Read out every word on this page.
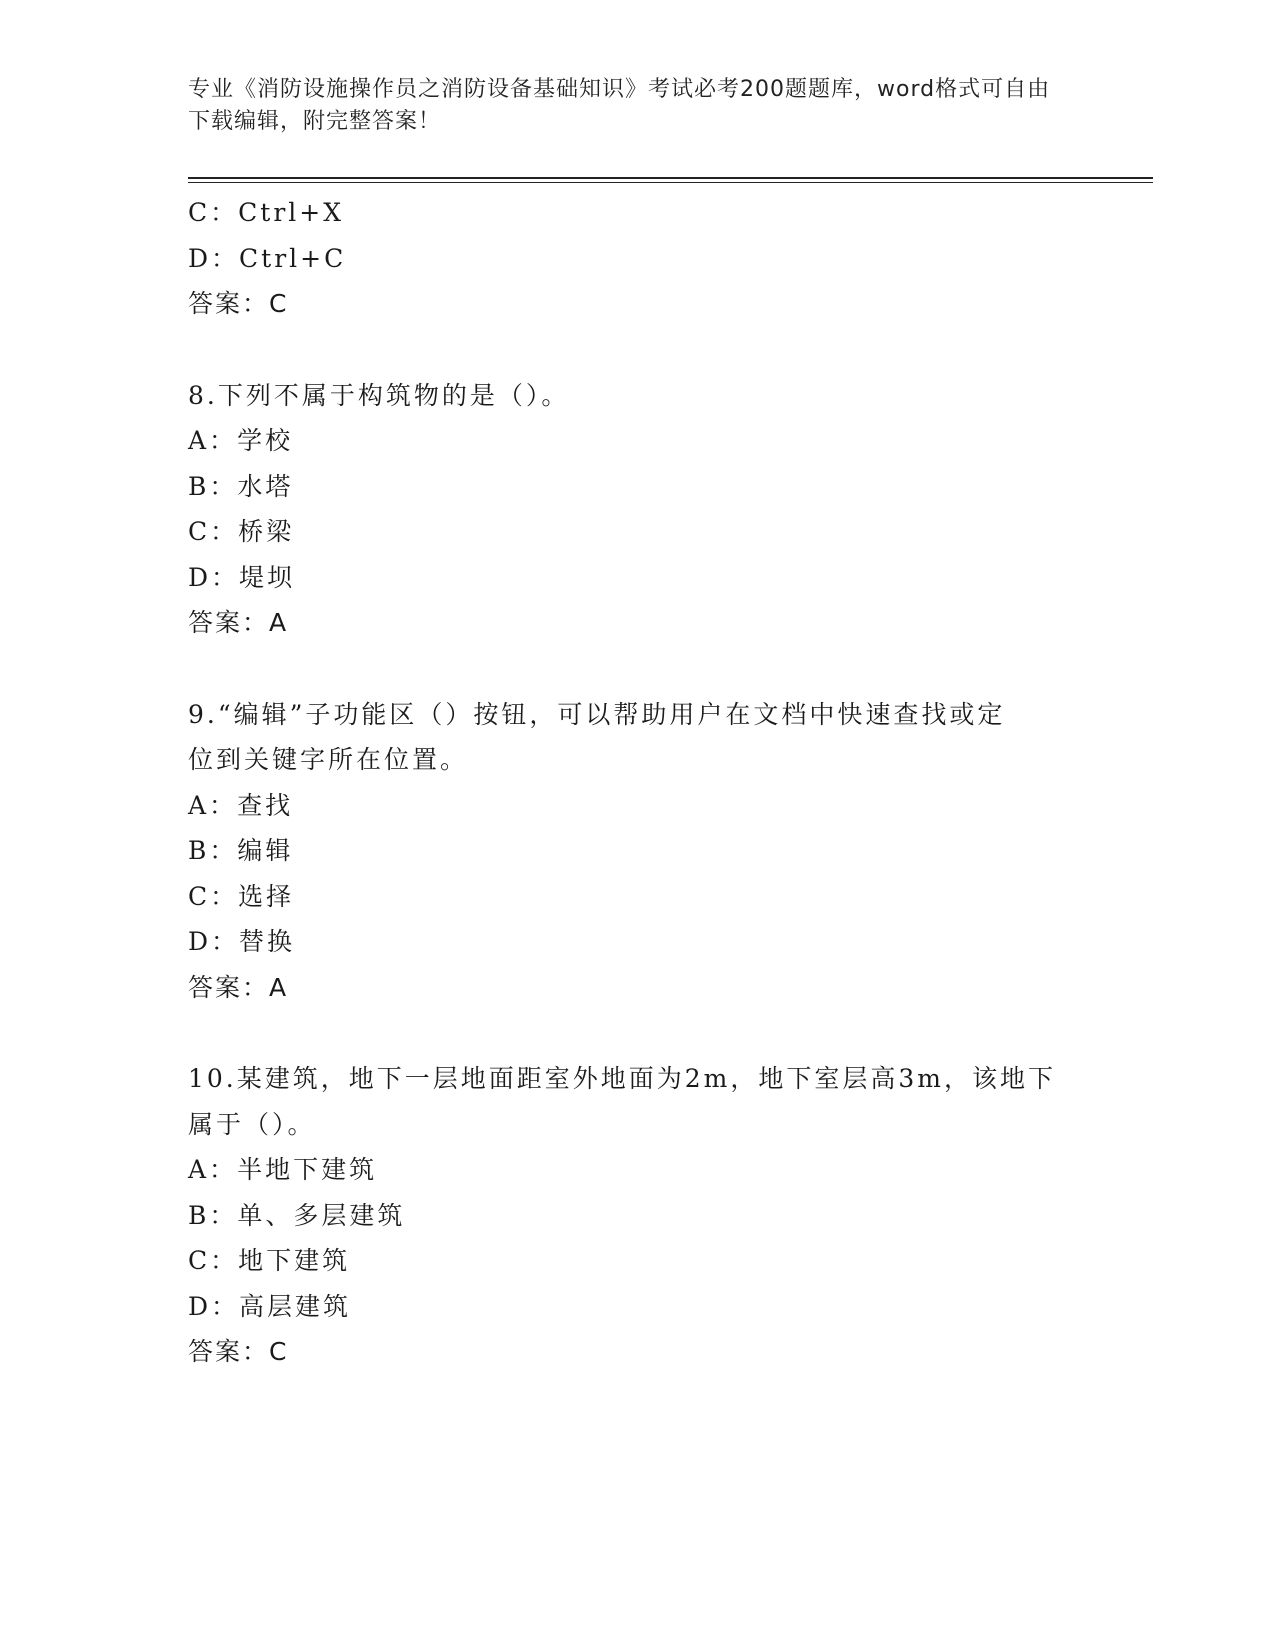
专业《消防设施操作员之消防设备基础知识》考试必考200题题库，word格式可自由下载编辑，附完整答案！

C：Ctrl+X

D：Ctrl+C

答案：C

8.下列不属于构筑物的是（）。

A：学校

B：水塔

C：桥梁

D：堤坝

答案：A

9.“编辑”子功能区（）按钮，可以帮助用户在文档中快速查找或定

位到关键字所在位置。

A：查找

B：编辑

C：选择

D：替换

答案：A

10.某建筑，地下一层地面距室外地面为2m，地下室层高3m，该地下

属于（）。

A：半地下建筑

B：单、多层建筑

C：地下建筑

D：高层建筑

答案：C
